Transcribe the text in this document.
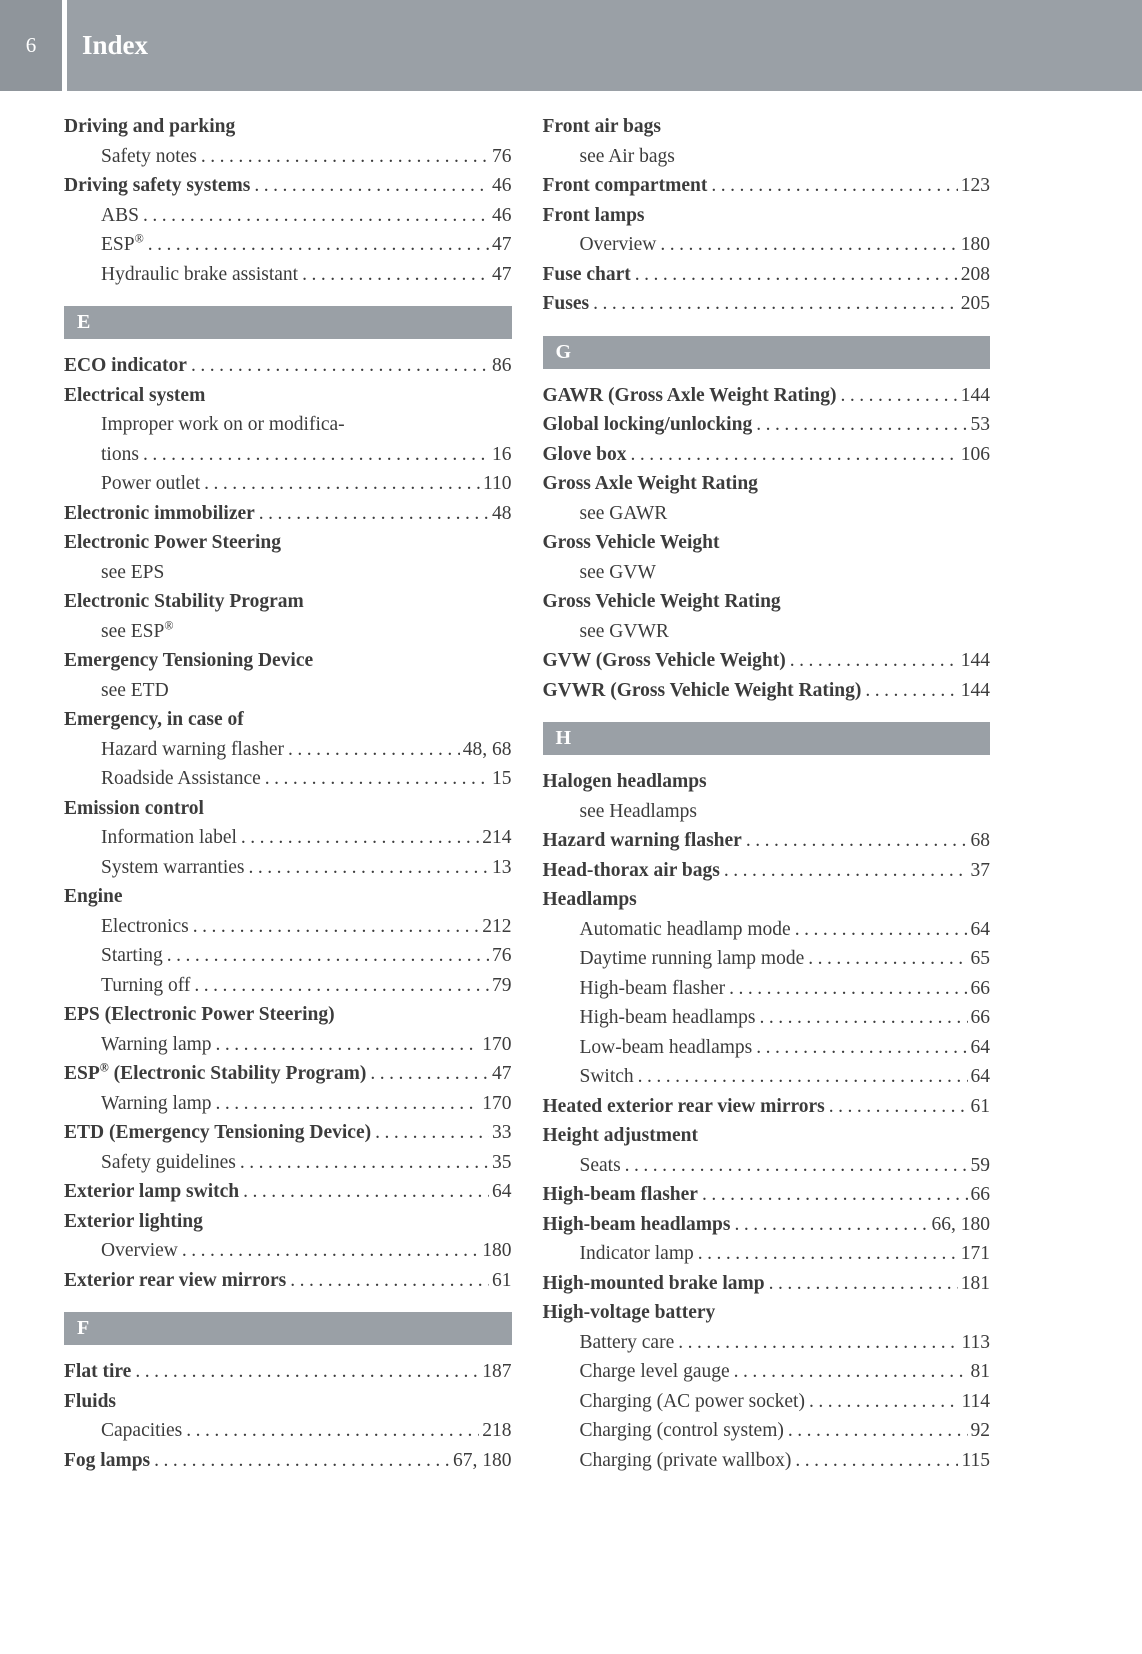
6 Index
Driving and parking
Safety notes .....	76
Driving safety systems .....	46
ABS .....	46
ESP® .....	47
Hydraulic brake assistant .....	47
E
ECO indicator .....	86
Electrical system
Improper work on or modifica-
tions .....	16
Power outlet .....	110
Electronic immobilizer .....	48
Electronic Power Steering
see EPS
Electronic Stability Program
see ESP®
Emergency Tensioning Device
see ETD
Emergency, in case of
Hazard warning flasher .....	48, 68
Roadside Assistance .....	15
Emission control
Information label .....	214
System warranties .....	13
Engine
Electronics .....	212
Starting .....	76
Turning off .....	79
EPS (Electronic Power Steering)
Warning lamp .....	170
ESP® (Electronic Stability Program) .....	47
Warning lamp .....	170
ETD (Emergency Tensioning Device) .....	33
Safety guidelines .....	35
Exterior lamp switch .....	64
Exterior lighting
Overview .....	180
Exterior rear view mirrors .....	61
F
Flat tire .....	187
Fluids
Capacities .....	218
Fog lamps .....	67, 180
Front air bags
see Air bags
Front compartment .....	123
Front lamps
Overview .....	180
Fuse chart .....	208
Fuses .....	205
G
GAWR (Gross Axle Weight Rating) .....	144
Global locking/unlocking .....	53
Glove box .....	106
Gross Axle Weight Rating
see GAWR
Gross Vehicle Weight
see GVW
Gross Vehicle Weight Rating
see GVWR
GVW (Gross Vehicle Weight) .....	144
GVWR (Gross Vehicle Weight Rating) .....	144
H
Halogen headlamps
see Headlamps
Hazard warning flasher .....	68
Head-thorax air bags .....	37
Headlamps
Automatic headlamp mode .....	64
Daytime running lamp mode .....	65
High-beam flasher .....	66
High-beam headlamps .....	66
Low-beam headlamps .....	64
Switch .....	64
Heated exterior rear view mirrors .....	61
Height adjustment
Seats .....	59
High-beam flasher .....	66
High-beam headlamps .....	66, 180
Indicator lamp .....	171
High-mounted brake lamp .....	181
High-voltage battery
Battery care .....	113
Charge level gauge .....	81
Charging (AC power socket) .....	114
Charging (control system) .....	92
Charging (private wallbox) .....	115
